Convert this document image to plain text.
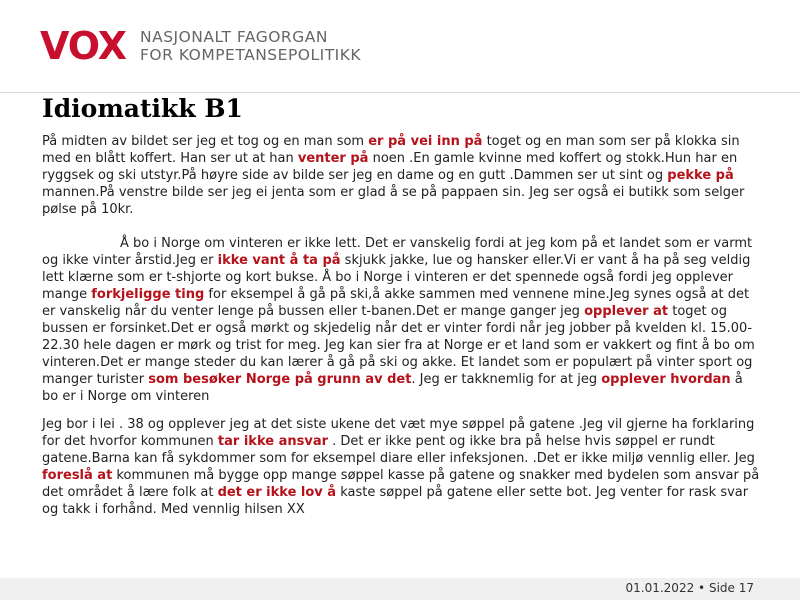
VOX NASJONALT FAGORGAN
FOR KOMPETANSEPOLITIKK
Idiomatikk B1

På midten av bildet ser jeg et tog og en man som er på vei inn på toget og en man som ser på klokka sin med en blått koffert. Han ser ut at han venter på noen .En gamle kvinne med koffert og stokk.Hun har en ryggsek og ski utstyr.På høyre side av bilde ser jeg en dame og en gutt .Dammen ser ut sint og pekke på mannen.På venstre bilde ser jeg ei jenta som er glad å se på pappaen sin. Jeg ser også ei butikk som selger pølse på 10kr.

Å bo i Norge om vinteren er ikke lett. Det er vanskelig fordi at jeg kom på et landet som er varmt og ikke vinter årstid.Jeg er ikke vant å ta på skjukk jakke, lue og hansker eller.Vi er vant å ha på seg veldig lett klærne som er t-shjorte og kort bukse. Å bo i Norge i vinteren er det spennede også fordi jeg opplever mange forkjeligge ting for eksempel å gå på ski,å akke sammen med vennene mine.Jeg synes også at det er vanskelig når du venter lenge på bussen eller t-banen.Det er mange ganger jeg opplever at toget og bussen er forsinket.Det er også mørkt og skjedelig når det er vinter fordi når jeg jobber på kvelden kl. 15.00-22.30 hele dagen er mørk og trist for meg. Jeg kan sier fra at Norge er et land som er vakkert og fint å bo om vinteren.Det er mange steder du kan lærer å gå på ski og akke. Et landet som er populært på vinter sport og manger turister som besøker Norge på grunn av det. Jeg er takknemlig for at jeg opplever hvordan å bo er i Norge om vinteren

Jeg bor i lei . 38 og opplever jeg at det siste ukene det væt mye søppel på gatene .Jeg vil gjerne ha forklaring for det hvorfor kommunen tar ikke ansvar . Det er ikke pent og ikke bra på helse hvis søppel er rundt gatene.Barna kan få sykdommer som for eksempel diare eller infeksjonen. .Det er ikke miljø vennlig eller. Jeg foreslå at kommunen må bygge opp mange søppel kasse på gatene og snakker med bydelen som ansvar på det området å lære folk at det er ikke lov å kaste søppel på gatene eller sette bot. Jeg venter for rask svar og takk i forhånd. Med vennlig hilsen XX

01.01.2022 • Side 17
